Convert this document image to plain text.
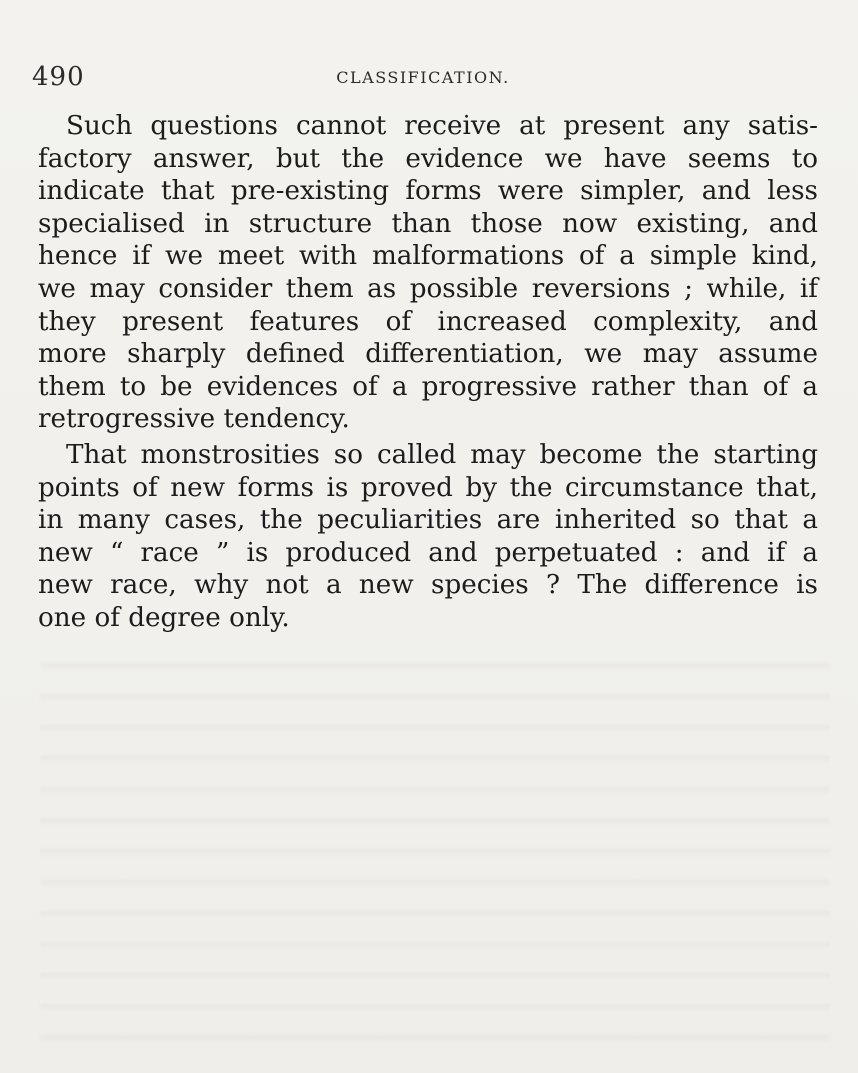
490	CLASSIFICATION.
Such questions cannot receive at present any satis-
factory answer, but the evidence we have seems to
indicate that pre-existing forms were simpler, and less
specialised in structure than those now existing, and
hence if we meet with malformations of a simple kind,
we may consider them as possible reversions ; while, if
they present features of increased complexity, and
more sharply defined differentiation, we may assume
them to be evidences of a progressive rather than of a
retrogressive tendency.
That monstrosities so called may become the starting
points of new forms is proved by the circumstance that,
in many cases, the peculiarities are inherited so that a
new “ race ” is produced and perpetuated : and if a
new race, why not a new species ? The difference is
one of degree only.
